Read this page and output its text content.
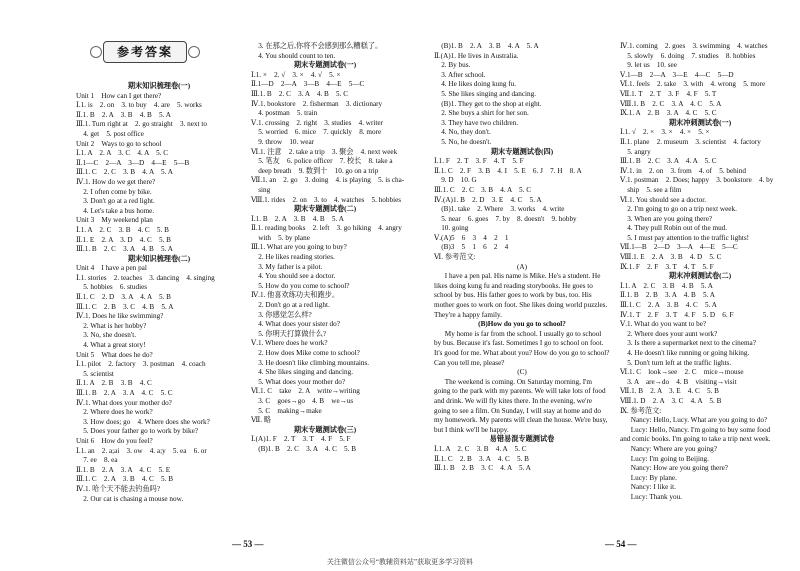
参考答案
期末知识梳理卷(一)
Unit 1　How can I get there?
Ⅰ.1. is　2. on　3. to buy　4. are　5. works
Ⅱ.1. B　2. A　3. B　4. B　5. A
Ⅲ.1. Turn right at　2. go straight　3. next to
　4. get　5. post office
Unit 2　Ways to go to school
Ⅰ.1. A　2. A　3. C　4. A　5. C
Ⅱ.1—C　2—A　3—D　4—E　5—B
Ⅲ.1. C　2. C　3. B　4. A　5. A
Ⅳ.1. How do we get there?
　2. I often come by bike.
　3. Don't go at a red light.
　4. Let's take a bus home.
Unit 3　My weekend plan
Ⅰ.1. A　2. C　3. B　4. C　5. B
Ⅱ.1. E　2. A　3. D　4. C　5. B
Ⅲ.1. B　2. C　3. A　4. B　5. A
期末知识梳理卷(二)
Unit 4　I have a pen pal
Ⅰ.1. stories　2. teaches　3. dancing　4. singing
　5. hobbies　6. studies
Ⅱ.1. C　2. D　3. A　4. A　5. B
Ⅲ.1. C　2. B　3. C　4. B　5. A
Ⅳ.1. Does he like swimming?
　2. What is her hobby?
　3. No, she doesn't.
　4. What a great story!
Unit 5　What does he do?
Ⅰ.1. pilot　2. factory　3. postman　4. coach
　5. scientist
Ⅱ.1. A　2. B　3. B　4. C
Ⅲ.1. B　2. A　3. A　4. C　5. C
Ⅳ.1. What does your mother do?
　2. Where does he work?
　3. How does; go　4. Where does she work?
　5. Does your father go to work by bike?
Unit 6　How do you feel?
Ⅰ.1. an　2. a;ai　3. ow　4. a;y　5. ea　6. or
　7. ee　8. ea
Ⅱ.1. B　2. A　3. A　4. C　5. E
Ⅲ.1. C　2. A　3. B　4. C　5. B
Ⅳ.1. 哈个天不能去钓鱼吗?
　2. Our cat is chasing a mouse now.
　3. 在那之后,你将不会感到那么糟糕了。
　4. You should count to ten.
期末专题测试卷(一)
Ⅰ.1. ×　2. √　3. ×　4. √　5. ×
Ⅱ.1—D　2—A　3—B　4—E　5—C
Ⅲ.1. B　2. C　3. A　4. B　5. C
Ⅳ.1. bookstore　2. fisherman　3. dictionary
　4. postman　5. train
Ⅴ.1. crossing　2. right　3. studies　4. writer
　5. worried　6. mice　7. quickly　8. more
　9. throw　10. wear
Ⅵ.1. 注意　2. take a trip　3. 聚会　4. next week
　5. 笔友　6. police officer　7. 校长　8. take a
　deep breath　9. 数到十　10. go on a trip
Ⅶ.1. an　2. go　3. doing　4. is playing　5. is cha-
　sing
Ⅷ.1. rides　2. on　3. to　4. watches　5. hobbies
期末专题测试卷(二)
Ⅰ.1. B　2. A　3. B　4. B　5. A
Ⅱ.1. reading books　2. left　3. go hiking　4. angry
　with　5. by plane
Ⅲ.1. What are you going to buy?
　2. He likes reading stories.
　3. My father is a pilot.
　4. You should see a doctor.
　5. How do you come to school?
Ⅳ.1. 他喜欢练功夫和跑步。
　2. Don't go at a red light.
　3. 你感觉怎么样?
　4. What does your sister do?
　5. 你明天打算做什么?
Ⅴ.1. Where does he work?
　2. How does Mike come to school?
　3. He doesn't like climbing mountains.
　4. She likes singing and dancing.
　5. What does your mother do?
Ⅵ.1. C　take　2. A　write→writing
　3. C　goes→go　4. B　we→us
　5. C　making→make
Ⅶ. 略
期末专题测试卷(三)
Ⅰ.(A)1. F　2. T　3. T　4. F　5. F
　(B)1. B　2. C　3. A　4. C　5. B
　(B)1. B　2. A　3. B　4. A　5. A
Ⅱ.(A)1. He lives in Australia.
　2. By bus.
　3. After school.
　4. He likes doing kung fu.
　5. She likes singing and dancing.
　(B)1. They get to the shop at eight.
　2. She buys a shirt for her son.
　3. They have two children.
　4. No, they don't.
　5. No, he doesn't.
期末专题测试卷(四)
Ⅰ.1. F　2. T　3. F　4. T　5. F
Ⅱ.1. C　2. F　3. B　4. I　5. E　6. J　7. H　8. A
　9. D　10. G
Ⅲ.1. C　2. C　3. B　4. A　5. C
Ⅳ.(A)1. B　2. D　3. E　4. C　5. A
　(B)1. take　2. Where　3. works　4. write
　5. near　6. goes　7. by　8. doesn't　9. hobby
　10. going
Ⅴ.(A)5　6　3　4　2　1
　(B)3　5　1　6　2　4
Ⅵ. 参考范文:
(A)
I have a pen pal. His name is Mike. He's a student. He likes doing kung fu and reading storybooks. He goes to school by bus. His father goes to work by bus, too. His mother goes to work on foot. She likes doing world puzzles. They're a happy family.
(B)How do you go to school?
My home is far from the school. I usually go to school by bus. Because it's fast. Sometimes I go to school on foot. It's good for me. What about you? How do you go to school? Can you tell me, please?
(C)
The weekend is coming. On Saturday morning, I'm going to the park with my parents. We will take lots of food and drink. We will fly kites there. In the evening, we're going to see a film. On Sunday, I will stay at home and do my homework. My parents will clean the house. We're busy, but I think we'll be happy.
易错易混专题测试卷
Ⅰ.1. A　2. C　3. B　4. A　5. C
Ⅱ.1. C　2. B　3. A　4. C　5. B
Ⅲ.1. B　2. B　3. C　4. A　5. A
Ⅳ.1. coming　2. goes　3. swimming　4. watches
　5. slowly　6. doing　7. studies　8. hobbies
　9. let us　10. see
Ⅴ.1—B　2—A　3—E　4—C　5—D
Ⅵ.1. feels　2. take　3. with　4. wrong　5. more
Ⅶ.1. T　2. T　3. F　4. F　5. T
Ⅷ.1. B　2. C　3. A　4. C　5. A
Ⅸ.1. A　2. B　3. A　4. C　5. C
期末冲刺测试卷(一)
Ⅰ.1. √　2. ×　3. ×　4. ×　5. ×
Ⅱ.1. plane　2. museum　3. scientist　4. factory
　5. angry
Ⅲ.1. B　2. C　3. A　4. A　5. C
Ⅳ.1. in　2. on　3. from　4. of　5. behind
Ⅴ.1. postman　2. Does; happy　3. bookstore　4. by
　ship　5. see a film
Ⅵ.1. You should see a doctor.
　2. I'm going to go on a trip next week.
　3. When are you going there?
　4. They pull Robin out of the mud.
　5. I must pay attention to the traffic lights!
Ⅶ.1—B　2—D　3—A　4—E　5—C
Ⅷ.1. E　2. A　3. B　4. D　5. C
Ⅸ.1. F　2. F　3. T　4. T　5. F
期末冲刺测试卷(二)
Ⅰ.1. A　2. C　3. B　4. B　5. A
Ⅱ.1. B　2. B　3. A　4. B　5. A
Ⅲ.1. C　2. A　3. B　4. C　5. A
Ⅳ.1. T　2. F　3. T　4. F　5. D　6. F
Ⅴ.1. What do you want to be?
　2. Where does your aunt work?
　3. Is there a supermarket next to the cinema?
　4. He doesn't like running or going hiking.
　5. Don't turn left at the traffic lights.
Ⅵ.1. C　look→see　2. C　mice→mouse
　3. A　are→do　4. B　visiting→visit
Ⅶ.1. B　2. A　3. E　4. C　5. B
Ⅷ.1. D　2. A　3. C　4. A　5. B
Ⅸ. 参考范文:
Nancy: Hello, Lucy. What are you going to do?
Lucy: Hello, Nancy. I'm going to buy some food and comic books. I'm going to take a trip next week.
Nancy: Where are you going?
Lucy: I'm going to Beijing.
Nancy: How are you going there?
Lucy: By plane.
Nancy: I like it.
Lucy: Thank you.
— 53 —	— 54 —
关注微信公众号“教辅资料站”获取更多学习资料
